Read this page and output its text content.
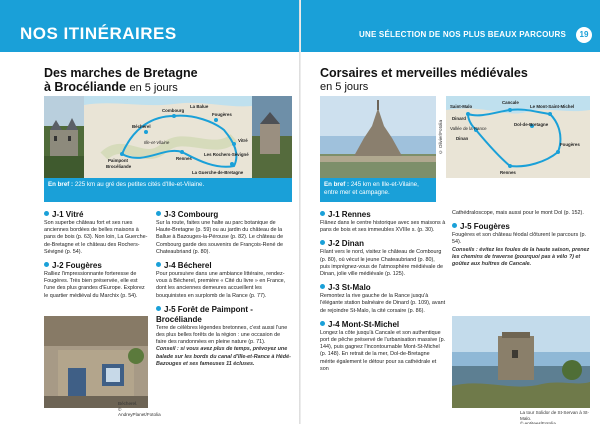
NOS ITINÉRAIRES
Des marches de Bretagne
à Brocéliande en 5 jours
La Balue
Fougères
Combourg
Bécherel
Ille-et-Vilaine
Paimpont
Brocéliande
Rennes
Vitré
Les Rochers-Sévigné
La Guerche-de-Bretagne
En bref : 225 km au gré des petites cités d'Ille-et-Vilaine.
J-1 Vitré
Son superbe château fort et ses rues anciennes bordées de belles maisons à pans de bois (p. 63). Non loin, La Guerche-de-Bretagne et le château des Rochers-Sévigné (p. 54).
J-2 Fougères
Ralliez l'impressionnante forteresse de Fougères. Très bien préservée, elle est l'une des plus grandes d'Europe. Explorez le quartier médiéval du Marchix (p. 54).
Bécherel.
© AndreyPlanet/Fotolia
J-3 Combourg
Sur la route, faites une halte au parc botanique de Haute-Bretagne (p. 59) ou au jardin du château de la Ballue à Bazouges-la-Pérouse (p. 82). Le château de Combourg garde des souvenirs de François-René de Chateaubriand (p. 80).
J-4 Bécherel
Pour poursuivre dans une ambiance littéraire, rendez-vous à Bécherel, première « Cité du livre » en France, dont les anciennes demeures accueillent les bouquinistes en surplomb de la Rance (p. 77).
J-5 Forêt de Paimpont - Brocéliande
Terre de célèbres légendes bretonnes, c'est aussi l'une des plus belles forêts de la région : une occasion de faire des randonnées en pleine nature (p. 71).
Conseil : si vous avez plus de temps, prévoyez une balade sur les bords du canal d'Ille-et-Rance à Hédé-Bazouges et ses fameuses 11 écluses.
UNE SÉLECTION DE NOS PLUS BEAUX PARCOURS	19
Corsaires et merveilles médiévales
en 5 jours
© Olivier/Fotolia
Saint-Malo
Cancale
Le Mont-Saint-Michel
Dinard
Vallée de la Rance
Dinan
Dol-de-Bretagne
Fougères
Rennes
En bref : 245 km en Ille-et-Vilaine, entre mer et campagne.
J-1 Rennes
Flânez dans le centre historique avec ses maisons à pans de bois et ses immeubles XVIIIe s. (p. 30).
J-2 Dinan
Filant vers le nord, visitez le château de Combourg (p. 80), où vécut le jeune Chateaubriand (p. 80), puis imprégnez-vous de l'atmosphère médiévale de Dinan, jolie ville médiévale (p. 125).
J-3 St-Malo
Remontez la rive gauche de la Rance jusqu'à l'élégante station balnéaire de Dinard (p. 109), avant de rejoindre St-Malo, la cité corsaire (p. 86).
J-4 Mont-St-Michel
Longez la côte jusqu'à Cancale et son authentique port de pêche préservé de l'urbanisation massive (p. 144), puis gagnez l'incontournable Mont-St-Michel (p. 148). En retrait de la mer, Dol-de-Bretagne mérite également le détour pour sa cathédrale et son
Cathédraloscope, mais aussi pour le mont Dol (p. 152).
J-5 Fougères
Fougères et son château féodal clôturent le parcours (p. 54).
Conseils : évitez les foules de la haute saison, prenez les chemins de traverse (pourquoi pas à vélo ?) et goûtez aux huîtres de Cancale.
La tour Solidor de St-Servan à St-Malo.
© entitees/Fotolia
